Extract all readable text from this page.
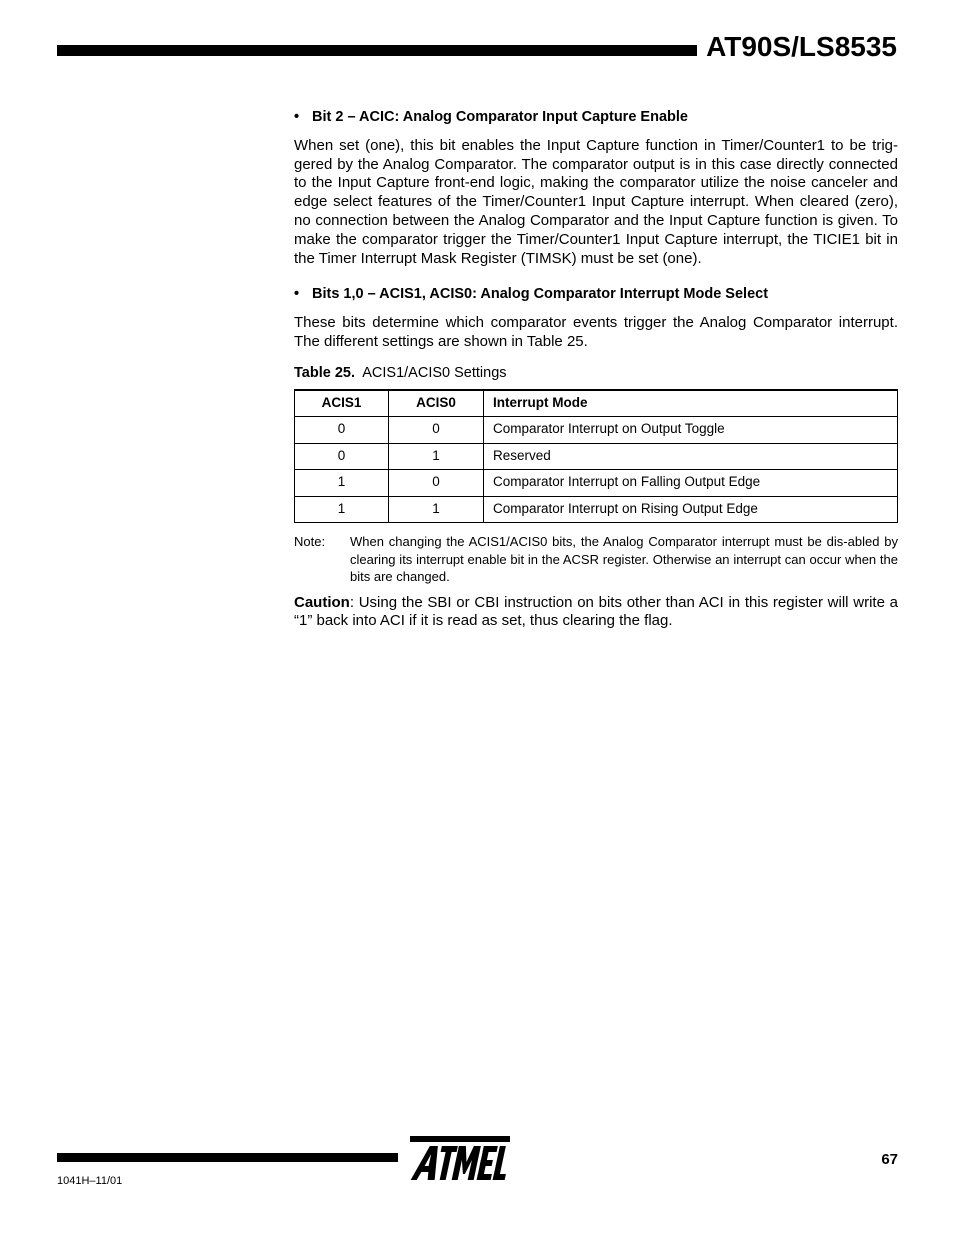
AT90S/LS8535

• Bit 2 – ACIC: Analog Comparator Input Capture Enable

When set (one), this bit enables the Input Capture function in Timer/Counter1 to be trig-gered by the Analog Comparator. The comparator output is in this case directly connected to the Input Capture front-end logic, making the comparator utilize the noise canceler and edge select features of the Timer/Counter1 Input Capture interrupt. When cleared (zero), no connection between the Analog Comparator and the Input Capture function is given. To make the comparator trigger the Timer/Counter1 Input Capture interrupt, the TICIE1 bit in the Timer Interrupt Mask Register (TIMSK) must be set (one).

• Bits 1,0 – ACIS1, ACIS0: Analog Comparator Interrupt Mode Select

These bits determine which comparator events trigger the Analog Comparator interrupt. The different settings are shown in Table 25.

Table 25. ACIS1/ACIS0 Settings

ACIS1	ACIS0	Interrupt Mode
0	0	Comparator Interrupt on Output Toggle
0	1	Reserved
1	0	Comparator Interrupt on Falling Output Edge
1	1	Comparator Interrupt on Rising Output Edge
Note:	When changing the ACIS1/ACIS0 bits, the Analog Comparator interrupt must be dis-abled by clearing its interrupt enable bit in the ACSR register. Otherwise an interrupt can occur when the bits are changed.

Caution: Using the SBI or CBI instruction on bits other than ACI in this register will write a “1” back into ACI if it is read as set, thus clearing the flag.

1041H–11/01
67
